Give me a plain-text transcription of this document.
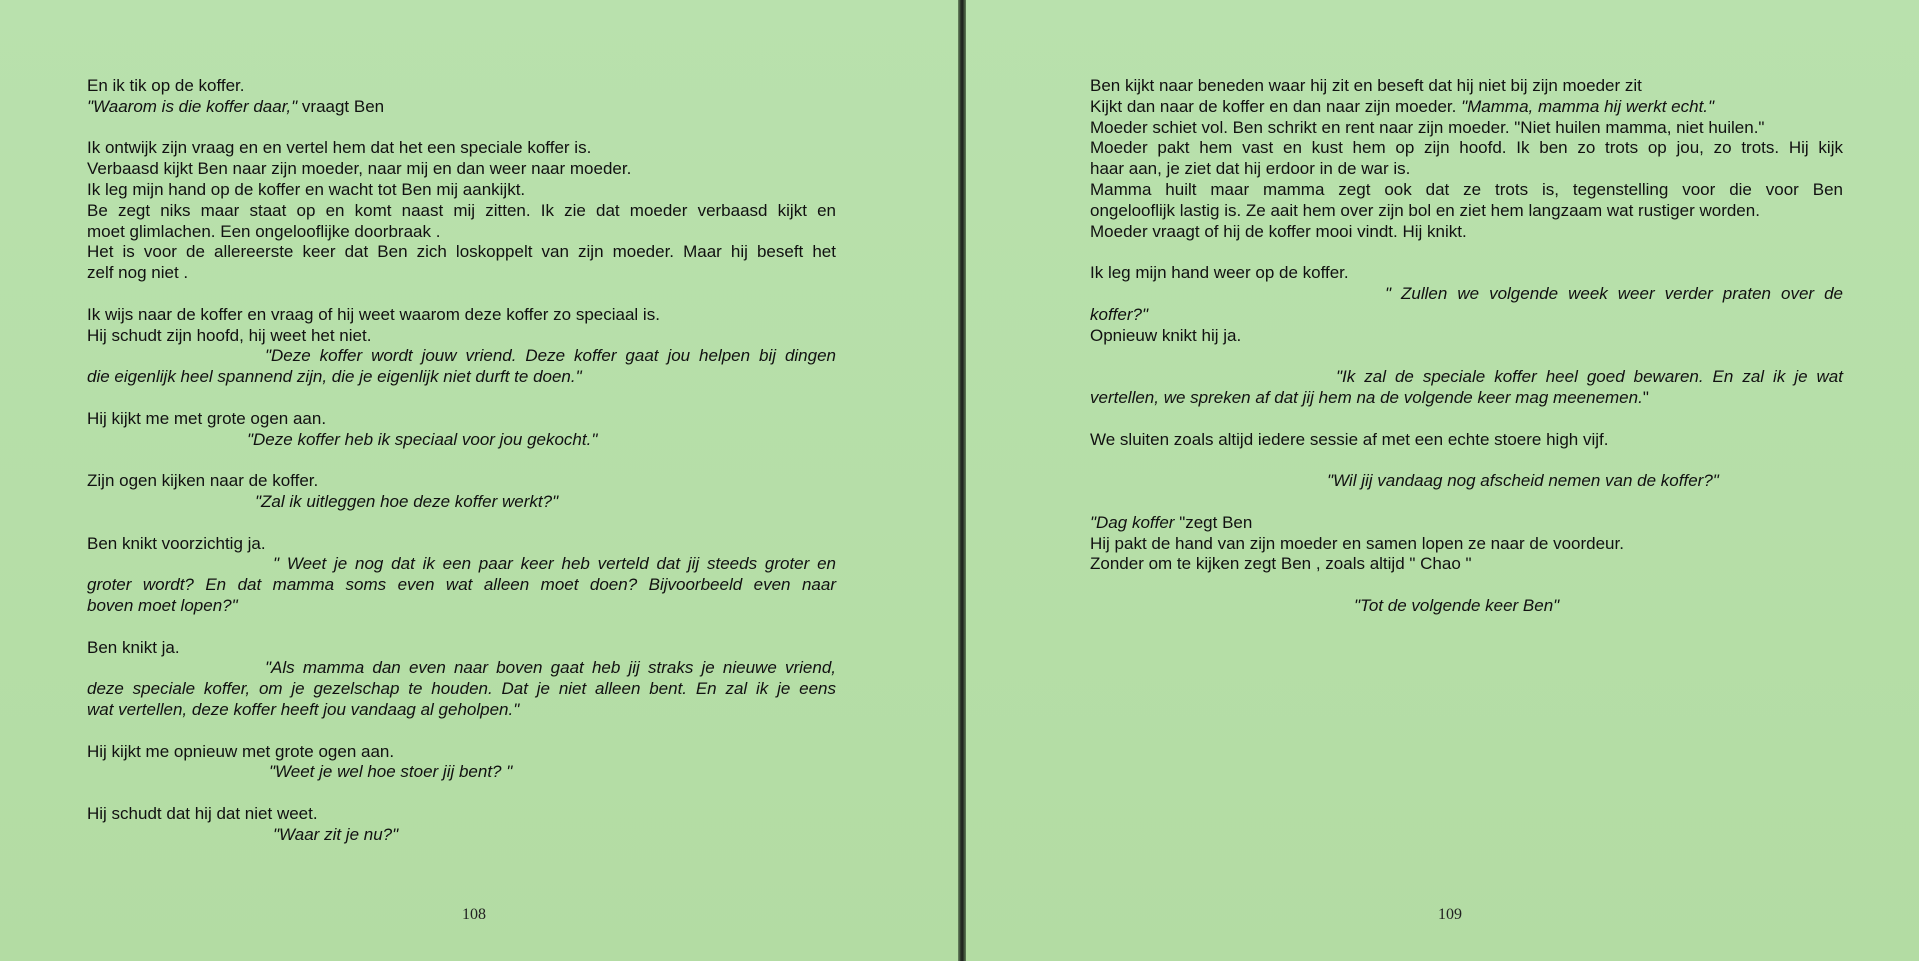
En ik tik op de koffer.
"Waarom is die koffer daar," vraagt Ben
Ik ontwijk zijn vraag en en vertel hem dat het een speciale koffer is.
Verbaasd kijkt Ben naar zijn moeder, naar mij en dan weer naar moeder.
Ik leg mijn hand op de koffer en wacht tot Ben mij aankijkt.
Be zegt niks maar staat op en komt naast mij zitten. Ik zie dat moeder verbaasd kijkt en
moet glimlachen. Een ongelooflijke doorbraak .
Het is voor de allereerste keer dat Ben zich loskoppelt van zijn moeder. Maar hij beseft het
zelf nog niet .
Ik wijs naar de koffer en vraag of hij weet waarom deze koffer zo speciaal is.
Hij schudt zijn hoofd, hij weet het niet.
"Deze koffer wordt jouw vriend. Deze koffer gaat jou helpen bij dingen
die eigenlijk heel spannend zijn, die je eigenlijk niet durft te doen."
Hij kijkt me met grote ogen aan.
"Deze koffer heb ik speciaal voor jou gekocht."
Zijn ogen kijken naar de koffer.
"Zal ik uitleggen hoe deze koffer werkt?"
Ben knikt voorzichtig ja.
" Weet je nog dat ik een paar keer heb verteld dat jij steeds groter en
groter wordt? En dat mamma soms even wat alleen moet doen? Bijvoorbeeld even naar
boven moet lopen?"
Ben knikt ja.
"Als mamma dan even naar boven gaat heb jij straks je nieuwe vriend,
deze speciale koffer, om je gezelschap te houden. Dat je niet alleen bent. En zal ik je eens
wat vertellen, deze koffer heeft jou vandaag al geholpen."
Hij kijkt me opnieuw met grote ogen aan.
"Weet je wel hoe stoer jij bent? "
Hij schudt dat hij dat niet weet.
"Waar zit je nu?"
108
Ben kijkt naar beneden waar hij zit en beseft dat hij niet bij zijn moeder zit
Kijkt dan naar de koffer en dan naar zijn moeder. "Mamma, mamma hij werkt echt."
Moeder schiet vol. Ben schrikt en rent naar zijn moeder. "Niet huilen mamma, niet huilen."
Moeder pakt hem vast en kust hem op zijn hoofd. Ik ben zo trots op jou, zo trots. Hij kijk
haar aan, je ziet dat hij erdoor in de war is.
Mamma huilt maar mamma zegt ook dat ze trots is, tegenstelling voor die voor Ben
ongelooflijk lastig is. Ze aait hem over zijn bol en ziet hem langzaam wat rustiger worden.
Moeder vraagt of hij de koffer mooi vindt. Hij knikt.
Ik leg mijn hand weer op de koffer.
" Zullen we volgende week weer verder praten over de
koffer?"
Opnieuw knikt hij ja.
"Ik zal de speciale koffer heel goed bewaren. En zal ik je wat
vertellen, we spreken af dat jij hem na de volgende keer mag meenemen."
We sluiten zoals altijd iedere sessie af met een echte stoere high vijf.
"Wil jij vandaag nog afscheid nemen van de koffer?"
"Dag koffer "zegt Ben
Hij pakt de hand van zijn moeder en samen lopen ze naar de voordeur.
Zonder om te kijken zegt Ben , zoals altijd " Chao "
"Tot de volgende keer Ben"
109
